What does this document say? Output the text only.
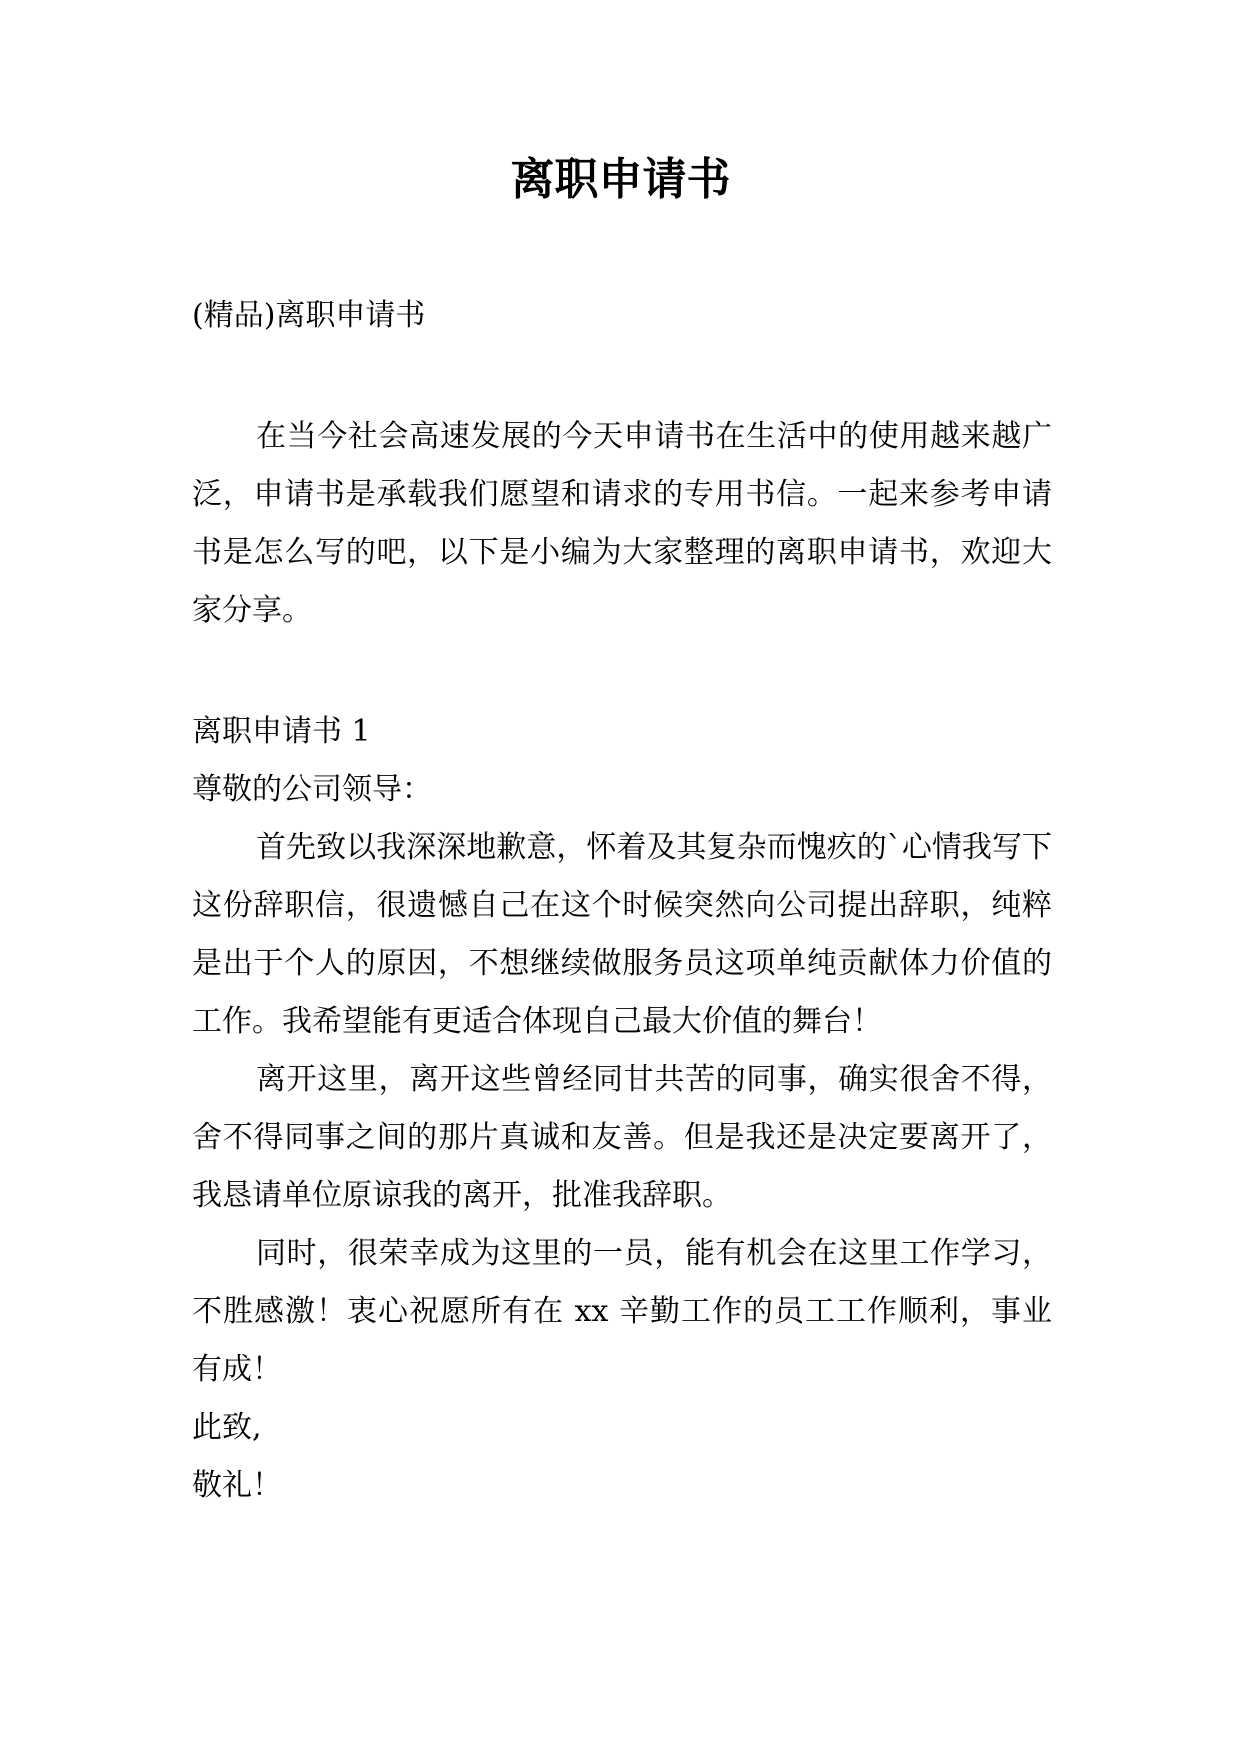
离职申请书

(精品)离职申请书

在当今社会高速发展的今天申请书在生活中的使用越来越广泛，申请书是承载我们愿望和请求的专用书信。一起来参考申请书是怎么写的吧，以下是小编为大家整理的离职申请书，欢迎大家分享。

离职申请书 1

尊敬的公司领导：

首先致以我深深地歉意，怀着及其复杂而愧疚的`心情我写下这份辞职信，很遗憾自己在这个时候突然向公司提出辞职，纯粹是出于个人的原因，不想继续做服务员这项单纯贡献体力价值的工作。我希望能有更适合体现自己最大价值的舞台！

离开这里，离开这些曾经同甘共苦的同事，确实很舍不得，舍不得同事之间的那片真诚和友善。但是我还是决定要离开了，我恳请单位原谅我的离开，批准我辞职。

同时，很荣幸成为这里的一员，能有机会在这里工作学习，不胜感激！衷心祝愿所有在 xx 辛勤工作的员工工作顺利，事业有成！

此致,

敬礼！
